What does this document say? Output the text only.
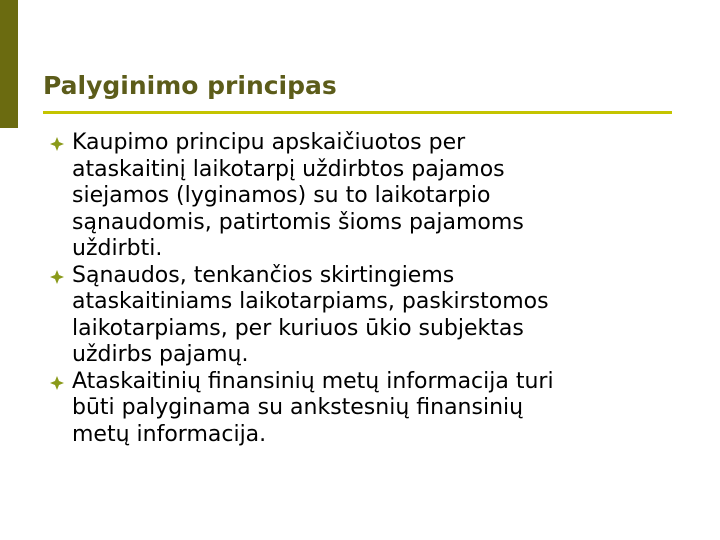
Palyginimo principas
Kaupimo principu apskaičiuotos per
ataskaitinį laikotarpį uždirbtos pajamos
siejamos (lyginamos) su to laikotarpio
sąnaudomis, patirtomis šioms pajamoms
uždirbti.
Sąnaudos, tenkančios skirtingiems
ataskaitiniams laikotarpiams, paskirstomos
laikotarpiams, per kuriuos ūkio subjektas
uždirbs pajamų.
Ataskaitinių finansinių metų informacija turi
būti palyginama su ankstesnių finansinių
metų informacija.
